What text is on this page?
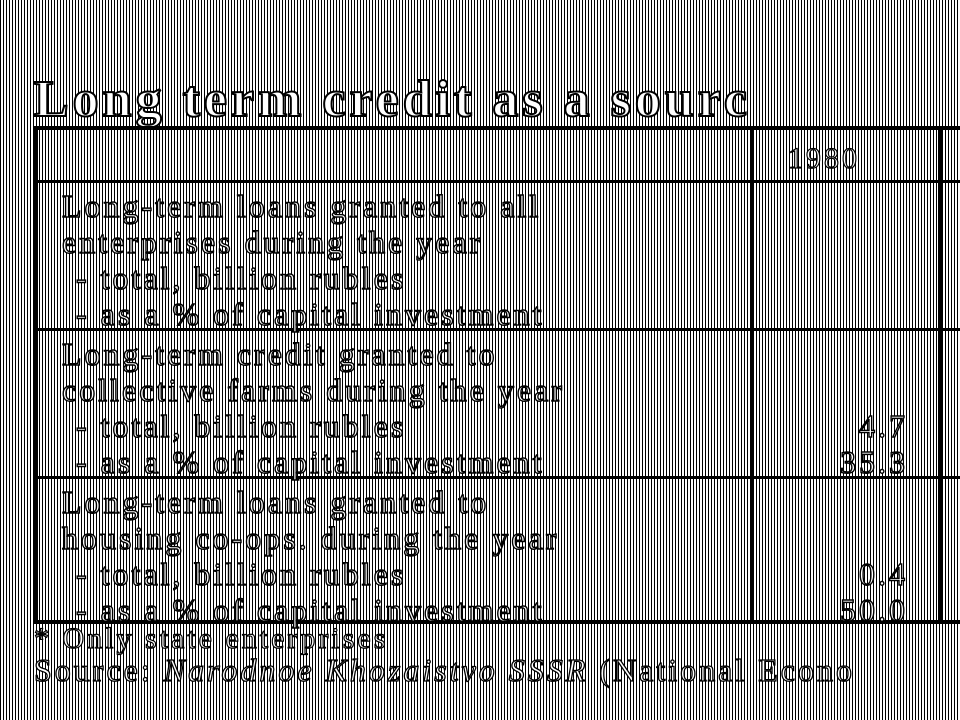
Long term credit as a sourc
1980
Long-term loans granted to all
enterprises during the year
- total, billion rubles
- as a % of capital investment
Long-term credit granted to
collective farms during the year
- total, billion rubles
- as a % of capital investment
4.7
35.3
Long-term loans granted to
housing co-ops. during the year
- total, billion rubles
- as a % of capital investment
0.4
50.0
* Only state enterprises
Source: Narodnoe Khozaistvo SSSR (National Econo
